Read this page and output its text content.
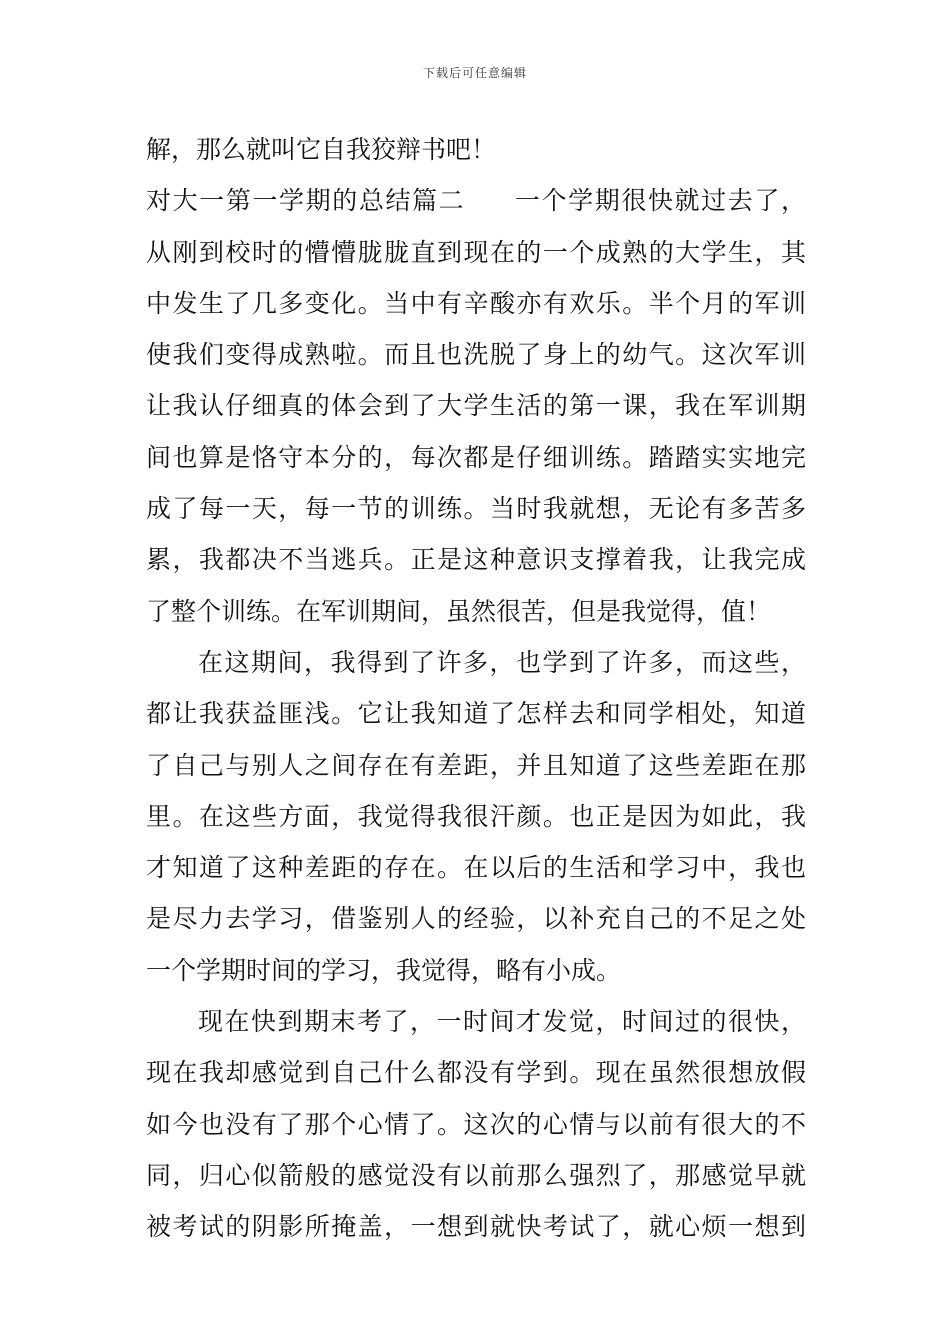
下载后可任意编辑
解，那么就叫它自我狡辩书吧！
对大一第一学期的总结篇二 一个学期很快就过去了，
从刚到校时的懵懵胧胧直到现在的一个成熟的大学生，其
中发生了几多变化。当中有辛酸亦有欢乐。半个月的军训
使我们变得成熟啦。而且也洗脱了身上的幼气。这次军训
让我认仔细真的体会到了大学生活的第一课，我在军训期
间也算是恪守本分的，每次都是仔细训练。踏踏实实地完
成了每一天，每一节的训练。当时我就想，无论有多苦多
累，我都决不当逃兵。正是这种意识支撑着我，让我完成
了整个训练。在军训期间，虽然很苦，但是我觉得，值！
在这期间，我得到了许多，也学到了许多，而这些，
都让我获益匪浅。它让我知道了怎样去和同学相处，知道
了自己与别人之间存在有差距，并且知道了这些差距在那
里。在这些方面，我觉得我很汗颜。也正是因为如此，我
才知道了这种差距的存在。在以后的生活和学习中，我也
是尽力去学习，借鉴别人的经验，以补充自己的不足之处
一个学期时间的学习，我觉得，略有小成。
现在快到期末考了，一时间才发觉，时间过的很快，
现在我却感觉到自己什么都没有学到。现在虽然很想放假
如今也没有了那个心情了。这次的心情与以前有很大的不
同，归心似箭般的感觉没有以前那么强烈了，那感觉早就
被考试的阴影所掩盖，一想到就快考试了，就心烦一想到
